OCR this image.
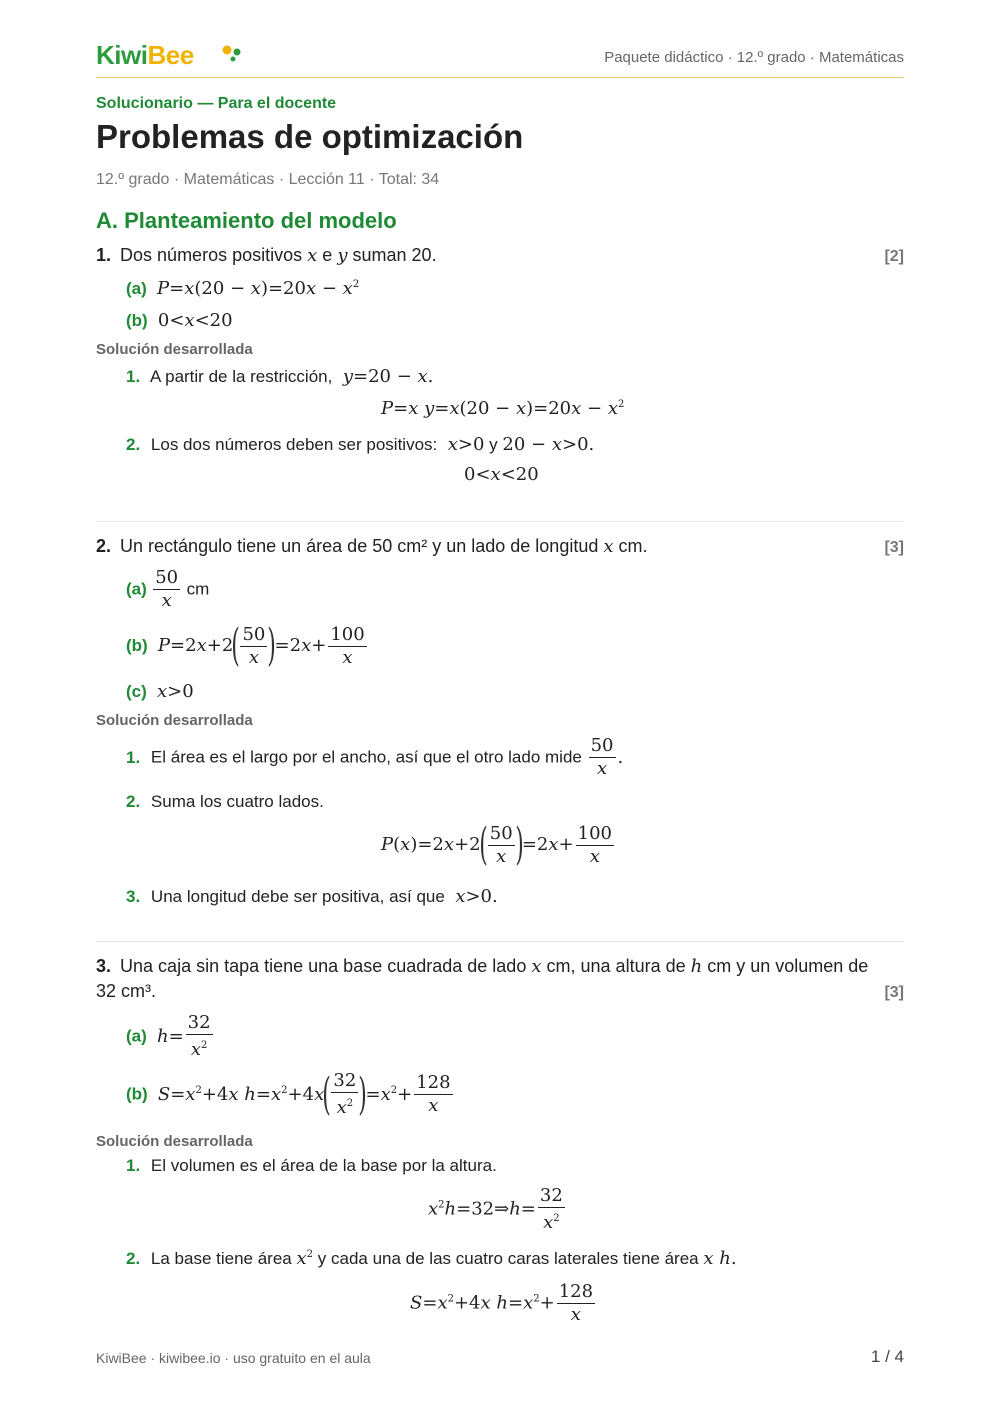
KiwiBee	Paquete didáctico · 12.º grado · Matemáticas
Solucionario — Para el docente
Problemas de optimización
12.º grado · Matemáticas · Lección 11 · Total: 34
A. Planteamiento del modelo
1. Dos números positivos x e y suman 20.	[2]
(a) $P=x(20 - x)=20x - x^2$
(b)  0<x<20
Solución desarrollada
1. A partir de la restricción, y=20 − x.
P=x $y=x(20 - x)=20x - x^2$
2. Los dos números deben ser positivos: x>0 y 20 − x>0.
0<x<20
2. Un rectángulo tiene un área de 50 cm² y un lado de longitud x cm.	[3]
$(a) \frac{50}{x}$ cm
(b) $P=2x+2( \frac{50}{x} )=2x+ \frac{100}{x}$
(c) x>0
Solución desarrollada
1. El área es el largo por el ancho, así que el otro lado mide $\frac{50}{x}$ .
2. Suma los cuatro lados.
$P(x)=2x+2( \frac{50}{x} )=2x+ \frac{100}{x}$
3. Una longitud debe ser positiva, así que x>0.
3. Una caja sin tapa tiene una base cuadrada de lado x cm, una altura de h cm y un volumen de
32 cm³.	[3]
(a) $h= \frac{32}{x^2}$
(b) $S=x^2+4x$ $h=x^2+4x( \frac{32}{x^2} )=x^2+ \frac{128}{x}$
Solución desarrollada
1. El volumen es el área de la base por la altura.
$x^2h=32\Rightarrow h= \frac{32}{x^2}$
2. La base tiene área $x^2$ y cada una de las cuatro caras laterales tiene área x h.
$S=x^2+4x$ $h=x^2+ \frac{128}{x}$
KiwiBee · kiwibee.io · uso gratuito en el aula	1 / 4
